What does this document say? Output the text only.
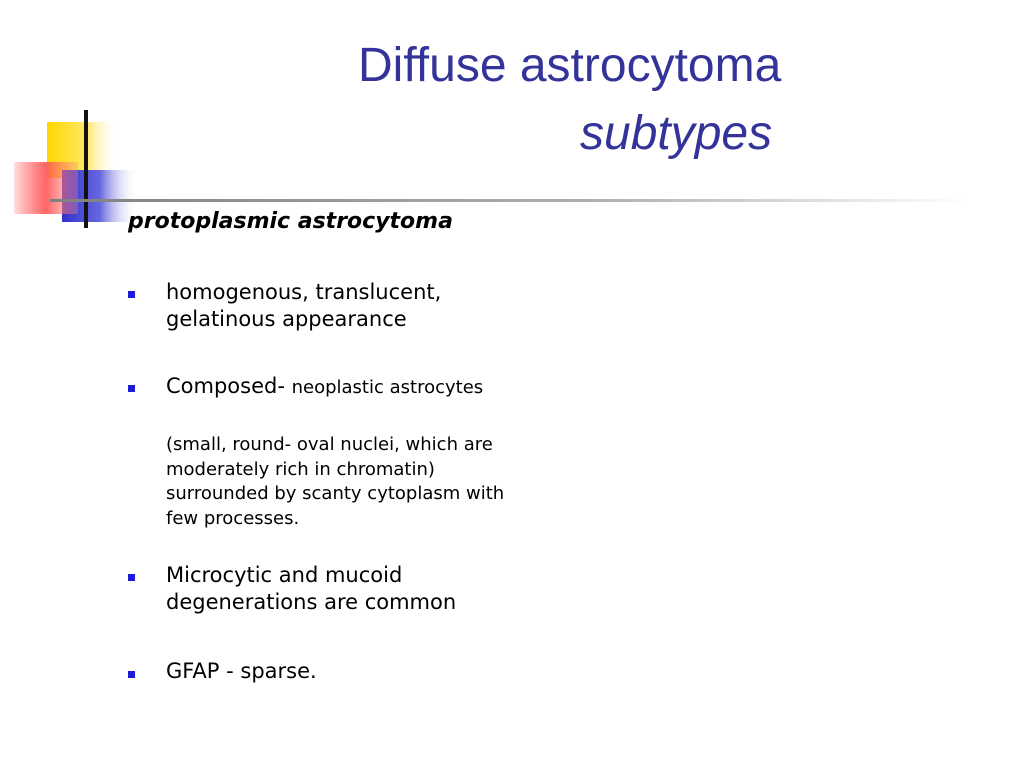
Diffuse astrocytoma
subtypes
protoplasmic astrocytoma
homogenous, translucent, gelatinous appearance
Composed- neoplastic astrocytes
(small, round- oval nuclei, which are moderately rich in chromatin) surrounded by scanty cytoplasm with few processes.
Microcytic and mucoid degenerations are common
GFAP - sparse.
